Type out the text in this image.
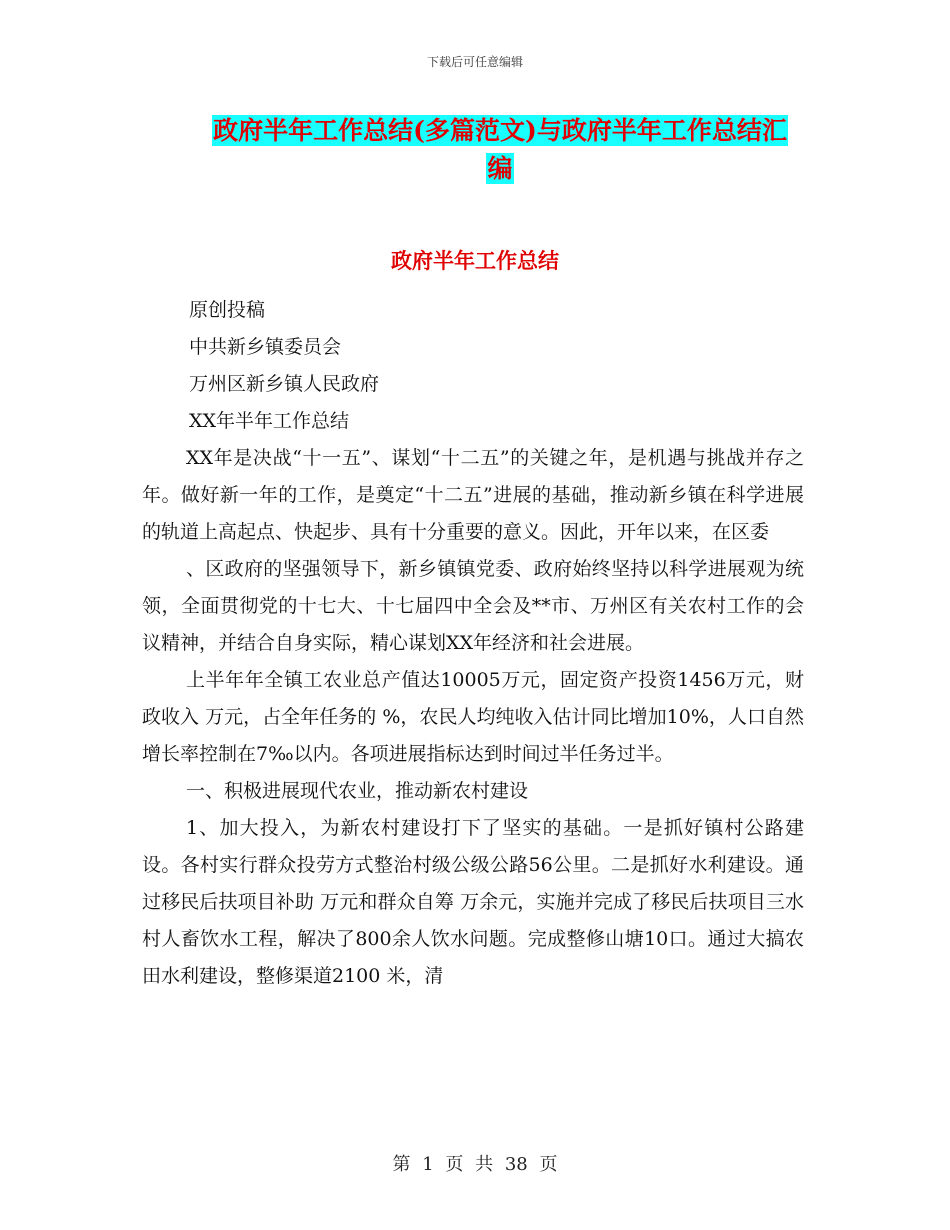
下载后可任意编辑
政府半年工作总结(多篇范文)与政府半年工作总结汇
编
政府半年工作总结

原创投稿

中共新乡镇委员会

万州区新乡镇人民政府

XX年半年工作总结

XX年是决战“十一五”、谋划“十二五”的关键之年，是机遇与挑战并存之年。做好新一年的工作，是奠定“十二五”进展的基础，推动新乡镇在科学进展的轨道上高起点、快起步、具有十分重要的意义。因此，开年以来，在区委

、区政府的坚强领导下，新乡镇镇党委、政府始终坚持以科学进展观为统领，全面贯彻党的十七大、十七届四中全会及**市、万州区有关农村工作的会议精神，并结合自身实际，精心谋划XX年经济和社会进展。

上半年年全镇工农业总产值达10005万元，固定资产投资1456万元，财政收入 万元，占全年任务的 %，农民人均纯收入估计同比增加10%，人口自然增长率控制在7‰以内。各项进展指标达到时间过半任务过半。

一、积极进展现代农业，推动新农村建设

1、加大投入，为新农村建设打下了坚实的基础。一是抓好镇村公路建设。各村实行群众投劳方式整治村级公级公路56公里。二是抓好水利建设。通过移民后扶项目补助 万元和群众自筹 万余元，实施并完成了移民后扶项目三水村人畜饮水工程，解决了800余人饮水问题。完成整修山塘10口。通过大搞农田水利建设，整修渠道2100 米，清

第 1 页 共 38 页
